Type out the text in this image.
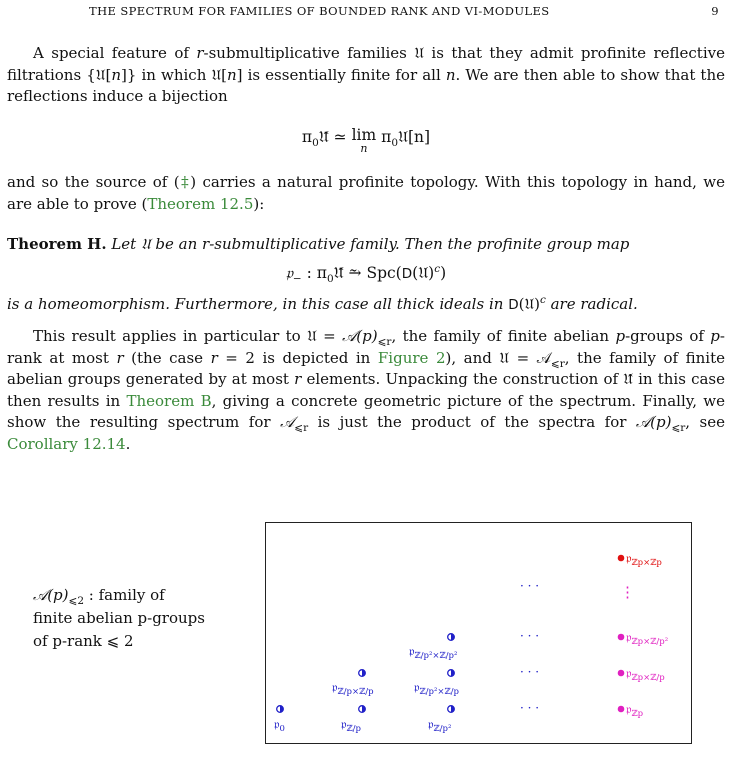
THE SPECTRUM FOR FAMILIES OF BOUNDED RANK AND VI-MODULES	9
A special feature of r-submultiplicative families 𝔘 is that they admit profinite reflective filtrations {𝔘[n]} in which 𝔘[n] is essentially finite for all n. We are then able to show that the reflections induce a bijection
$\pi_0𝔘̂$ ≃ lim
n
$\pi_0𝔘[n]$
and so the source of (‡) carries a natural profinite topology. With this topology in hand, we are able to prove (Theorem 12.5):
Theorem H. Let 𝔘 be an r-submultiplicative family. Then the profinite group map
𝔭$_-$ : $\pi_0𝔘̂$ ⥲ Spc(D(𝔘)$^c$)
is a homeomorphism. Furthermore, in this case all thick ideals in D(𝔘)$^c$ are radical.
This result applies in particular to 𝔘 = $𝒜(p)_{⩽r}$, the family of finite abelian p-groups of p-rank at most r (the case r = 2 is depicted in Figure 2), and 𝔘 = 𝒜$_{⩽r}$, the family of finite abelian groups generated by at most r elements. Unpacking the construction of 𝔘̂ in this case then results in Theorem B, giving a concrete geometric picture of the spectrum. Finally, we show the resulting spectrum for 𝒜$_{⩽r}$ is just the product of the spectra for $𝒜(p)_{⩽r}$, see Corollary 12.14.
$𝒜(p)_{⩽2}$ : family of
finite abelian p-groups
of p-rank ⩽ 2
𝔭$_0$	𝔭$_{ℤ/p}$	𝔭$_{ℤ/p^2}$
𝔭$_{ℤ/p\times ℤ/p}$	𝔭$_{ℤ/p^2\times ℤ/p}$
𝔭$_{ℤ/p^2\times ℤ/p^2}$
𝔭$_{ℤp}$
𝔭$_{ℤp\times ℤ/p}$
𝔭$_{ℤp\times ℤ/p^2}$
𝔭$_{ℤp\times ℤp}$
· · ·
· · ·
· · ·
· · ·
⋮
